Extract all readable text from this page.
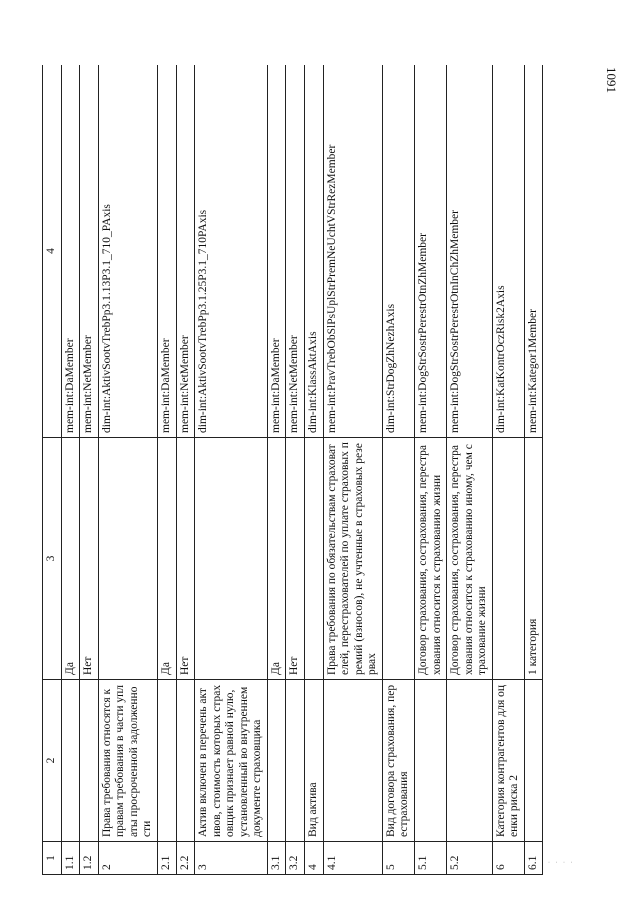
1091
1	2	3	4
1.1		Да	mem-int:DaMember
1.2		Нет	mem-int:NetMember
2	Права требования относятся к правам требования в части уплаты просроченной задолженности		dim-int:AktivSootvTrebPp3.1.13P3.1_710_PAxis
2.1		Да	mem-int:DaMember
2.2		Нет	mem-int:NetMember
3	Актив включен в перечень активов, стоимость которых страховщик признает равной нулю, установленный во внутреннем документе страховщика		dim-int:AktivSootvTrebPp3.1.25P3.1_710PAxis
3.1		Да	mem-int:DaMember
3.2		Нет	mem-int:NetMember
4	Вид актива		dim-int:KlassAktAxis
4.1		Права требования по обязательствам страхователей, перестрахователей по уплате страховых премий (взносов), не учтенные в страховых резервах	mem-int:PravTrebObSlPsUplStrPremNeUchtVStrRezMember
5	Вид договора страхования, перестрахования		dim-int:StrDogZhNezhAxis
5.1		Договор страхования, сострахования, перестрахования относится к страхованию жизни	mem-int:DogStrSostrPerestrOtnZhMember
5.2		Договор страхования, сострахования, перестрахования относится к страхованию иному, чем страхование жизни	mem-int:DogStrSostrPerestrOtnInChZhMember
6	Категория контрагентов для оценки риска 2		dim-int:KatKontrOczRisk2Axis
6.1		1 категория	mem-int:Kategor1Member
· · · ·
